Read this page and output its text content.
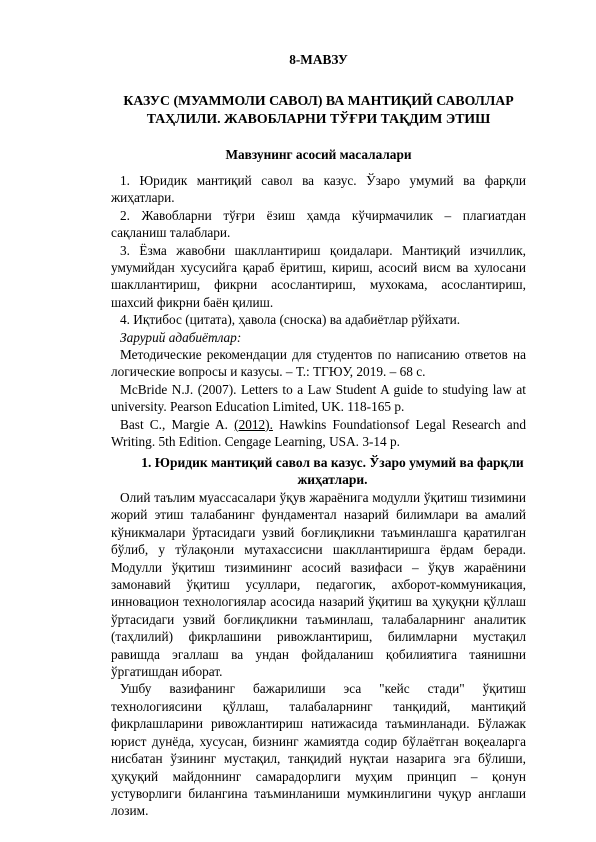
8-МАВЗУ
КАЗУС (МУАММОЛИ САВОЛ) ВА МАНТИҚИЙ САВОЛЛАР
ТАҲЛИЛИ. ЖАВОБЛАРНИ ТЎҒРИ ТАҚДИМ ЭТИШ
Мавзунинг асосий масалалари

1. Юридик мантиқий савол ва казус. Ўзаро умумий ва фарқли жиҳатлари.

2. Жавобларни тўғри ёзиш ҳамда кўчирмачилик – плагиатдан сақланиш талаблари.

3. Ёзма жавобни шакллантириш қоидалари. Мантиқий изчиллик, умумийдан хусусийга қараб ёритиш, кириш, асосий висм ва хулосани шакллантириш, фикрни асослантириш, мухокама, асослантириш, шахсий фикрни баён қилиш.

4. Иқтибос (цитата), ҳавола (сноска) ва адабиётлар рўйхати.

Зарурий адабиётлар:

Методические рекомендации для студентов по написанию ответов на логические вопросы и казусы. – Т.: ТГЮУ, 2019. – 68 с.

McBride N.J. (2007). Letters to a Law Student A guide to studying law at university. Pearson Education Limited, UK. 118-165 p.

Bast C., Margie A. (2012). Hawkins Foundationsof Legal Research and Writing. 5th Edition. Cengage Learning, USA. 3-14 p.

1. Юридик мантиқий савол ва казус. Ўзаро умумий ва фарқли жиҳатлари.

Олий таълим муассасалари ўқув жараёнига модулли ўқитиш тизимини жорий этиш талабанинг фундаментал назарий билимлари ва амалий кўникмалари ўртасидаги узвий боғлиқликни таъминлашга қаратилган бўлиб, у тўлақонли мутахассисни шакллантиришга ёрдам беради. Модулли ўқитиш тизимининг асосий вазифаси – ўқув жараёнини замонавий ўқитиш усуллари, педагогик, ахборот-коммуникация, инновацион технологиялар асосида назарий ўқитиш ва ҳуқуқни қўллаш ўртасидаги узвий боғлиқликни таъминлаш, талабаларнинг аналитик (таҳлилий) фикрлашини ривожлантириш, билимларни мустақил равишда эгаллаш ва ундан фойдаланиш қобилиятига таянишни ўргатишдан иборат.

Ушбу вазифанинг бажарилиши эса "кейс стади" ўқитиш технологиясини қўллаш, талабаларнинг танқидий, мантиқий фикрлашларини ривожлантириш натижасида таъминланади. Бўлажак юрист дунёда, хусусан, бизнинг жамиятда содир бўлаётган воқеаларга нисбатан ўзининг мустақил, танқидий нуқтаи назарига эга бўлиши, ҳуқуқий майдоннинг самарадорлиги муҳим принцип – қонун устуворлиги билангина таъминланиши мумкинлигини чуқур англаши лозим.
